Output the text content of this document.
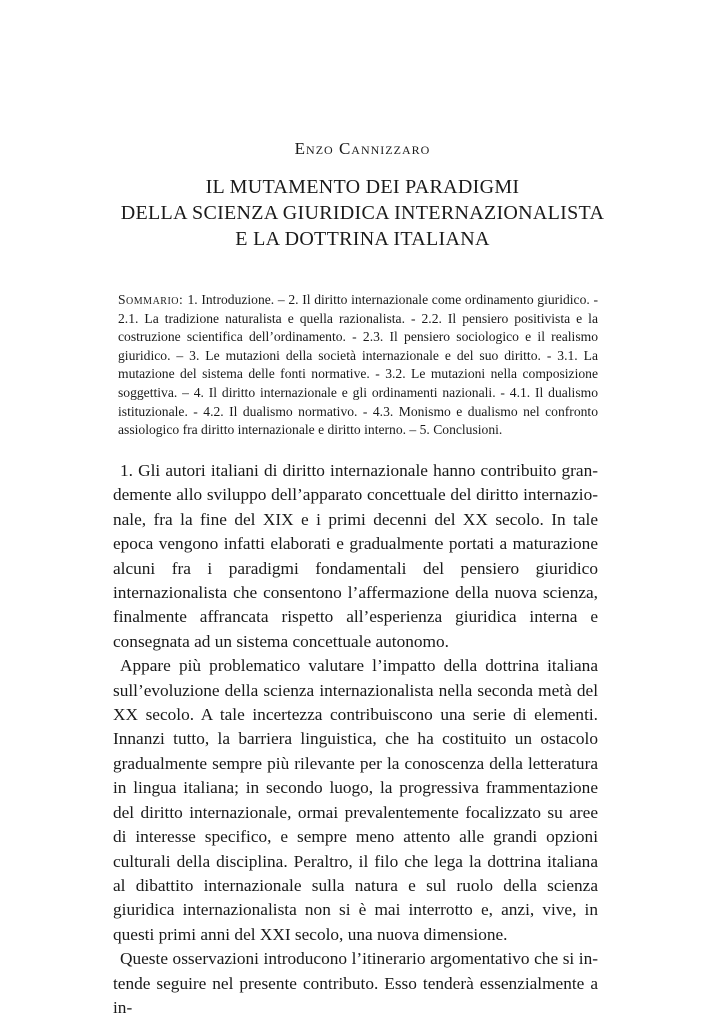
Enzo Cannizzaro
IL MUTAMENTO DEI PARADIGMI
DELLA SCIENZA GIURIDICA INTERNAZIONALISTA
E LA DOTTRINA ITALIANA
Sommario: 1. Introduzione. – 2. Il diritto internazionale come ordinamento giuridico. - 2.1. La tradizione naturalista e quella razionalista. - 2.2. Il pensiero positivista e la costruzione scientifica dell’ordinamento. - 2.3. Il pensiero sociologico e il realismo giuridico. – 3. Le mutazioni della società internazionale e del suo diritto. - 3.1. La mutazione del sistema delle fonti normative. - 3.2. Le mutazioni nella composizione soggettiva. – 4. Il diritto internazionale e gli ordinamenti nazionali. - 4.1. Il dualismo istituzionale. - 4.2. Il dualismo normativo. - 4.3. Monismo e dualismo nel confronto assiologico fra diritto internazionale e diritto interno. – 5. Conclusioni.

1. Gli autori italiani di diritto internazionale hanno contribuito grandemente allo sviluppo dell’apparato concettuale del diritto internazionale, fra la fine del XIX e i primi decenni del XX secolo. In tale epoca vengono infatti elaborati e gradualmente portati a maturazione alcuni fra i paradigmi fondamentali del pensiero giuridico internazionalista che consentono l’affermazione della nuova scienza, finalmente affrancata rispetto all’esperienza giuridica interna e consegnata ad un sistema concettuale autonomo.

Appare più problematico valutare l’impatto della dottrina italiana sull’evoluzione della scienza internazionalista nella seconda metà del XX secolo. A tale incertezza contribuiscono una serie di elementi. Innanzi tutto, la barriera linguistica, che ha costituito un ostacolo gradualmente sempre più rilevante per la conoscenza della letteratura in lingua italiana; in secondo luogo, la progressiva frammentazione del diritto internazionale, ormai prevalentemente focalizzato su aree di interesse specifico, e sempre meno attento alle grandi opzioni culturali della disciplina. Peraltro, il filo che lega la dottrina italiana al dibattito internazionale sulla natura e sul ruolo della scienza giuridica internazionalista non si è mai interrotto e, anzi, vive, in questi primi anni del XXI secolo, una nuova dimensione.

Queste osservazioni introducono l’itinerario argomentativo che si intende seguire nel presente contributo. Esso tenderà essenzialmente a in-
